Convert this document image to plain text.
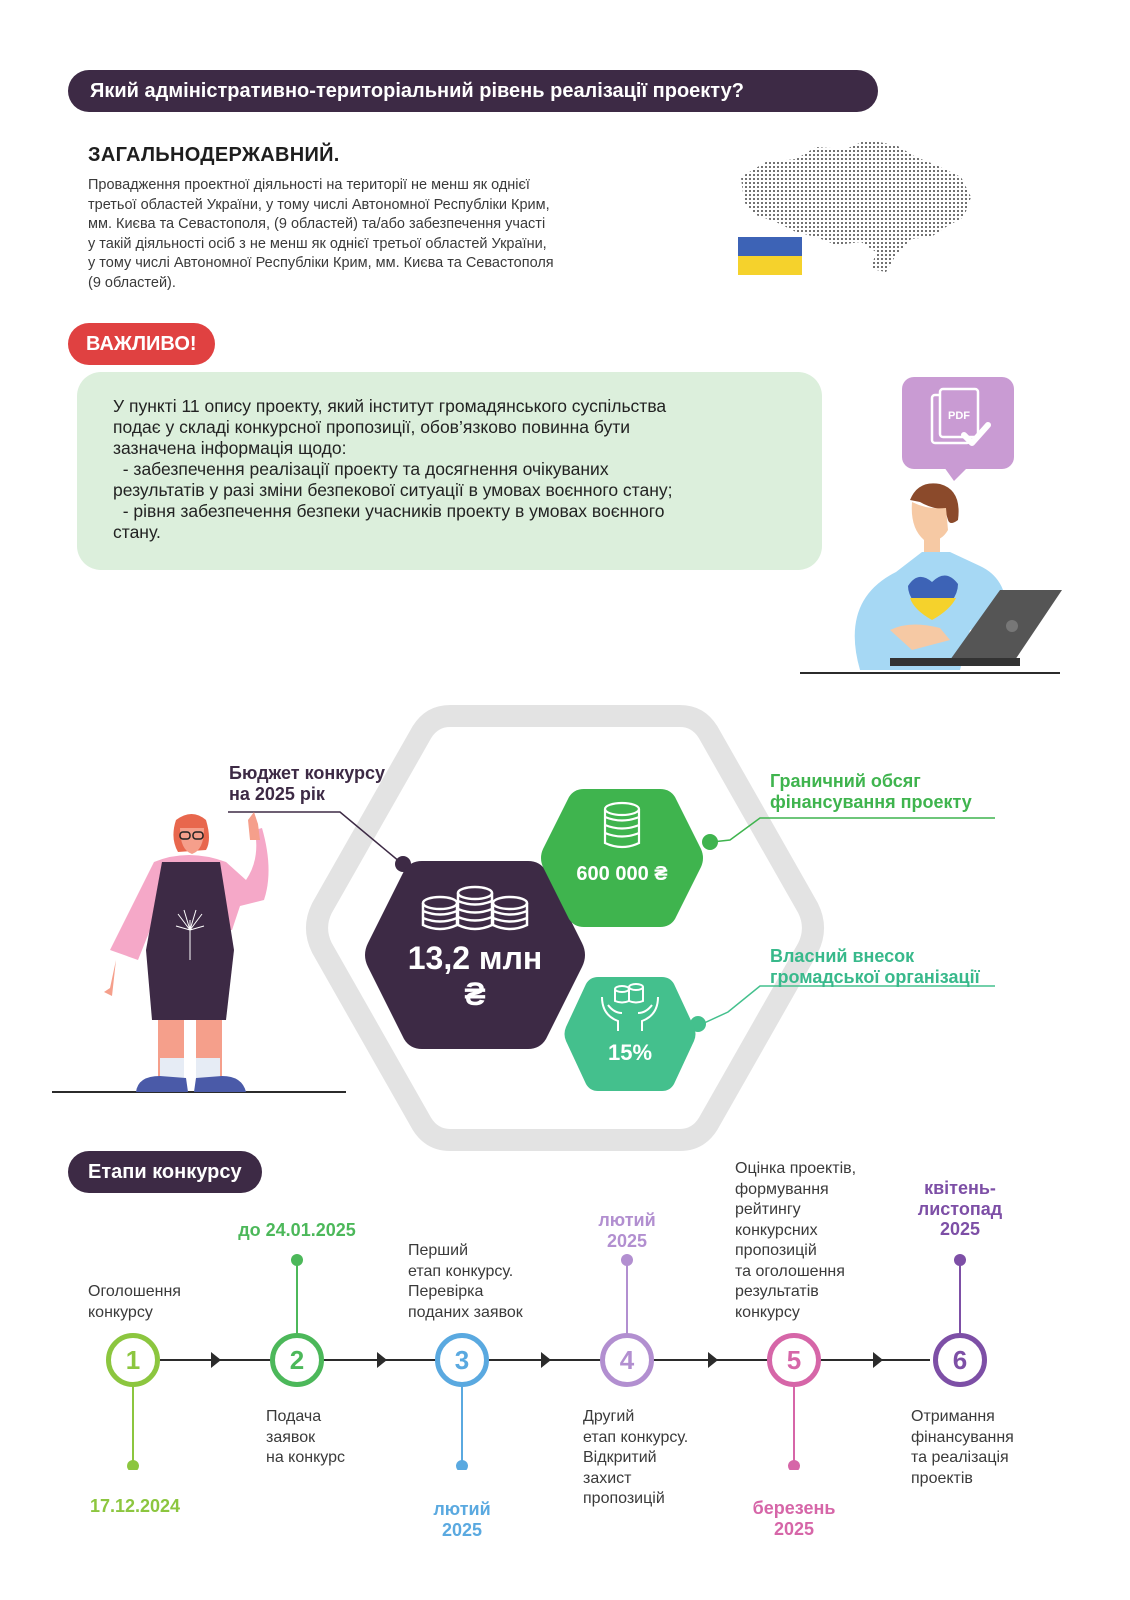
Який адміністративно-територіальний рівень реалізації проекту?
ЗАГАЛЬНОДЕРЖАВНИЙ.
Провадження проектної діяльності на території не менш як однієї
третьої областей України, у тому числі Автономної Республіки Крим,
мм. Києва та Севастополя, (9 областей) та/або забезпечення участі
у такій діяльності осіб з не менш як однієї третьої областей України,
у тому числі Автономної Республіки Крим, мм. Києва та Севастополя
(9 областей).
ВАЖЛИВО!
У пункті 11 опису проекту, який інститут громадянського суспільства
подає у складі конкурсної пропозиції, обов’язково повинна бути
зазначена інформація щодо:
- забезпечення реалізації проекту та досягнення очікуваних
результатів у разі зміни безпекової ситуації в умовах воєнного стану;
- рівня забезпечення безпеки учасників проекту в умовах воєнного
стану.
PDF
Бюджет конкурсу
на 2025 рік
Граничний обсяг
фінансування проекту
Власний внесок
громадської організації
13,2 млн
₴
600 000 ₴
15%
Етапи конкурсу
1	2	3	4	5	6
Оголошення
конкурсу
17.12.2024
Подача
заявок
на конкурс
до 24.01.2025
Перший
етап конкурсу.
Перевірка
поданих заявок
лютий
2025
Другий
етап конкурсу.
Відкритий
захист
пропозицій
лютий
2025
Оцінка проектів,
формування
рейтингу
конкурсних
пропозицій
та оголошення
результатів
конкурсу
березень
2025
Отримання
фінансування
та реалізація
проектів
квітень-
листопад
2025
